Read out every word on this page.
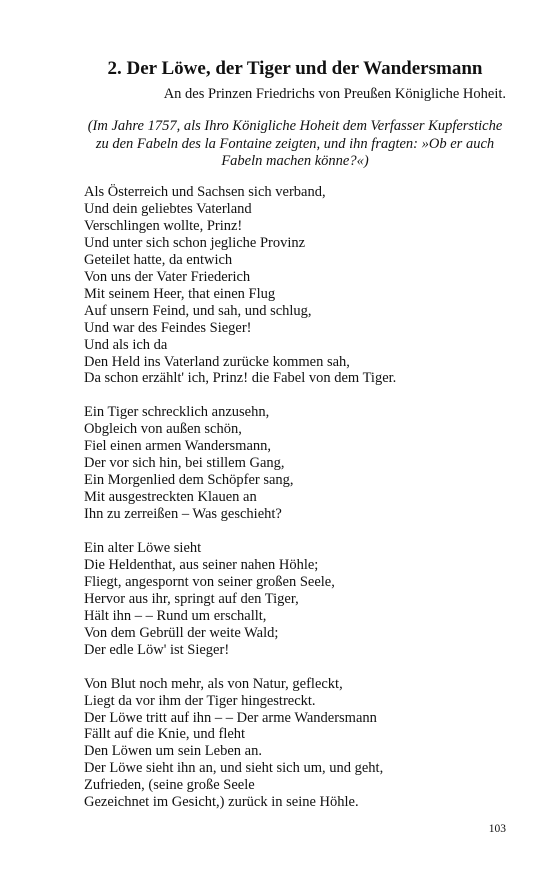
2. Der Löwe, der Tiger und der Wandersmann

An des Prinzen Friedrichs von Preußen Königliche Hoheit.

(Im Jahre 1757, als Ihro Königliche Hoheit dem Verfasser Kupferstiche
zu den Fabeln des la Fontaine zeigten, und ihn fragten: »Ob er auch
Fabeln machen könne?«)

Als Österreich und Sachsen sich verband,
Und dein geliebtes Vaterland
Verschlingen wollte, Prinz!
Und unter sich schon jegliche Provinz
Geteilet hatte, da entwich
Von uns der Vater Friederich
Mit seinem Heer, that einen Flug
Auf unsern Feind, und sah, und schlug,
Und war des Feindes Sieger!
Und als ich da
Den Held ins Vaterland zurücke kommen sah,
Da schon erzählt' ich, Prinz! die Fabel von dem Tiger.
Ein Tiger schrecklich anzusehn,
Obgleich von außen schön,
Fiel einen armen Wandersmann,
Der vor sich hin, bei stillem Gang,
Ein Morgenlied dem Schöpfer sang,
Mit ausgestreckten Klauen an
Ihn zu zerreißen – Was geschieht?
Ein alter Löwe sieht
Die Heldenthat, aus seiner nahen Höhle;
Fliegt, angespornt von seiner großen Seele,
Hervor aus ihr, springt auf den Tiger,
Hält ihn – – Rund um erschallt,
Von dem Gebrüll der weite Wald;
Der edle Löw' ist Sieger!
Von Blut noch mehr, als von Natur, gefleckt,
Liegt da vor ihm der Tiger hingestreckt.
Der Löwe tritt auf ihn – – Der arme Wandersmann
Fällt auf die Knie, und fleht
Den Löwen um sein Leben an.
Der Löwe sieht ihn an, und sieht sich um, und geht,
Zufrieden, (seine große Seele
Gezeichnet im Gesicht,) zurück in seine Höhle.

103
